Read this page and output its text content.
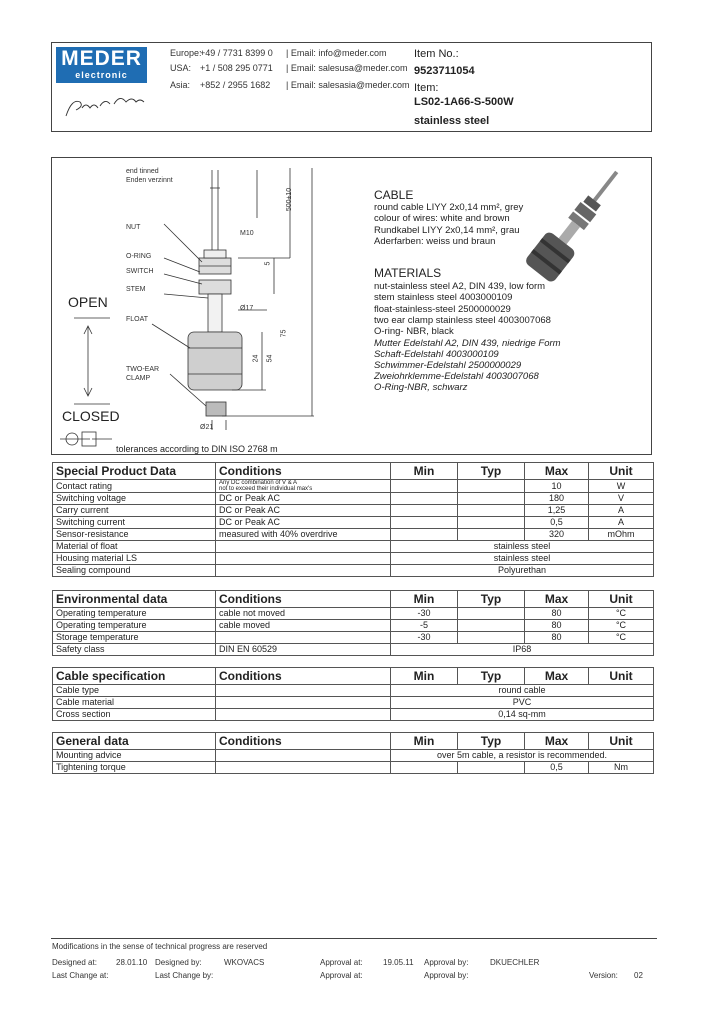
MEDER
electronic
Europe:
+49 / 7731 8399 0 | Email: info@meder.com
USA: +1 / 508 295 0771 | Email: salesusa@meder.com
Asia: +852 / 2955 1682 | Email: salesasia@meder.com
Item No.:
9523711054
Item:
LS02-1A66-S-500W
stainless steel
end tinned
Enden verzinnt
NUT
O-RING
SWITCH
STEM
FLOAT
TWO-EAR
CLAMP
500±10
M10
5
Ø17
75
54
24
Ø21
OPEN
CLOSED
tolerances according to DIN ISO 2768 m
CABLE
round cable LIYY 2x0,14 mm², grey
colour of wires: white and brown
Rundkabel LIYY 2x0,14 mm², grau
Aderfarben: weiss und braun
MATERIALS
nut-stainless steel A2, DIN 439, low form
stem stainless steel 4003000109
float-stainless-steel 2500000029
two ear clamp stainless steel 4003007068
O-ring- NBR, black
Mutter Edelstahl A2, DIN 439, niedrige Form
Schaft-Edelstahl 4003000109
Schwimmer-Edelstahl 2500000029
Zweiohrklemme-Edelstahl 4003007068
O-Ring-NBR, schwarz
Special Product Data	Conditions	Min	Typ	Max	Unit
Contact rating	Any DC combination of V & A
not to exceed their individual max's			10	W
Switching voltage	DC or Peak AC			180	V
Carry current	DC or Peak AC			1,25	A
Switching current	DC or Peak AC			0,5	A
Sensor-resistance	measured with 40% overdrive			320	mOhm
Material of float		stainless steel			
Housing material LS		stainless steel			
Sealing compound		Polyurethan			
Environmental data	Conditions	Min	Typ	Max	Unit
Operating temperature	cable not moved	-30		80	°C
Operating temperature	cable moved	-5		80	°C
Storage temperature		-30		80	°C
Safety class	DIN EN 60529	IP68			
Cable specification	Conditions	Min	Typ	Max	Unit
Cable type		round cable			
Cable material		PVC			
Cross section		0,14 sq-mm			
General data	Conditions	Min	Typ	Max	Unit
Mounting advice		over 5m cable, a resistor is recommended.			
Tightening torque				0,5	Nm
Modifications in the sense of technical progress are reserved
Designed at: 28.01.10 Designed by:	WKOVACS	Approval at:	19.05.11 Approval by:	DKUECHLER
Last Change at:	Last Change by:	Approval at:	Approval by:	Version: 02
